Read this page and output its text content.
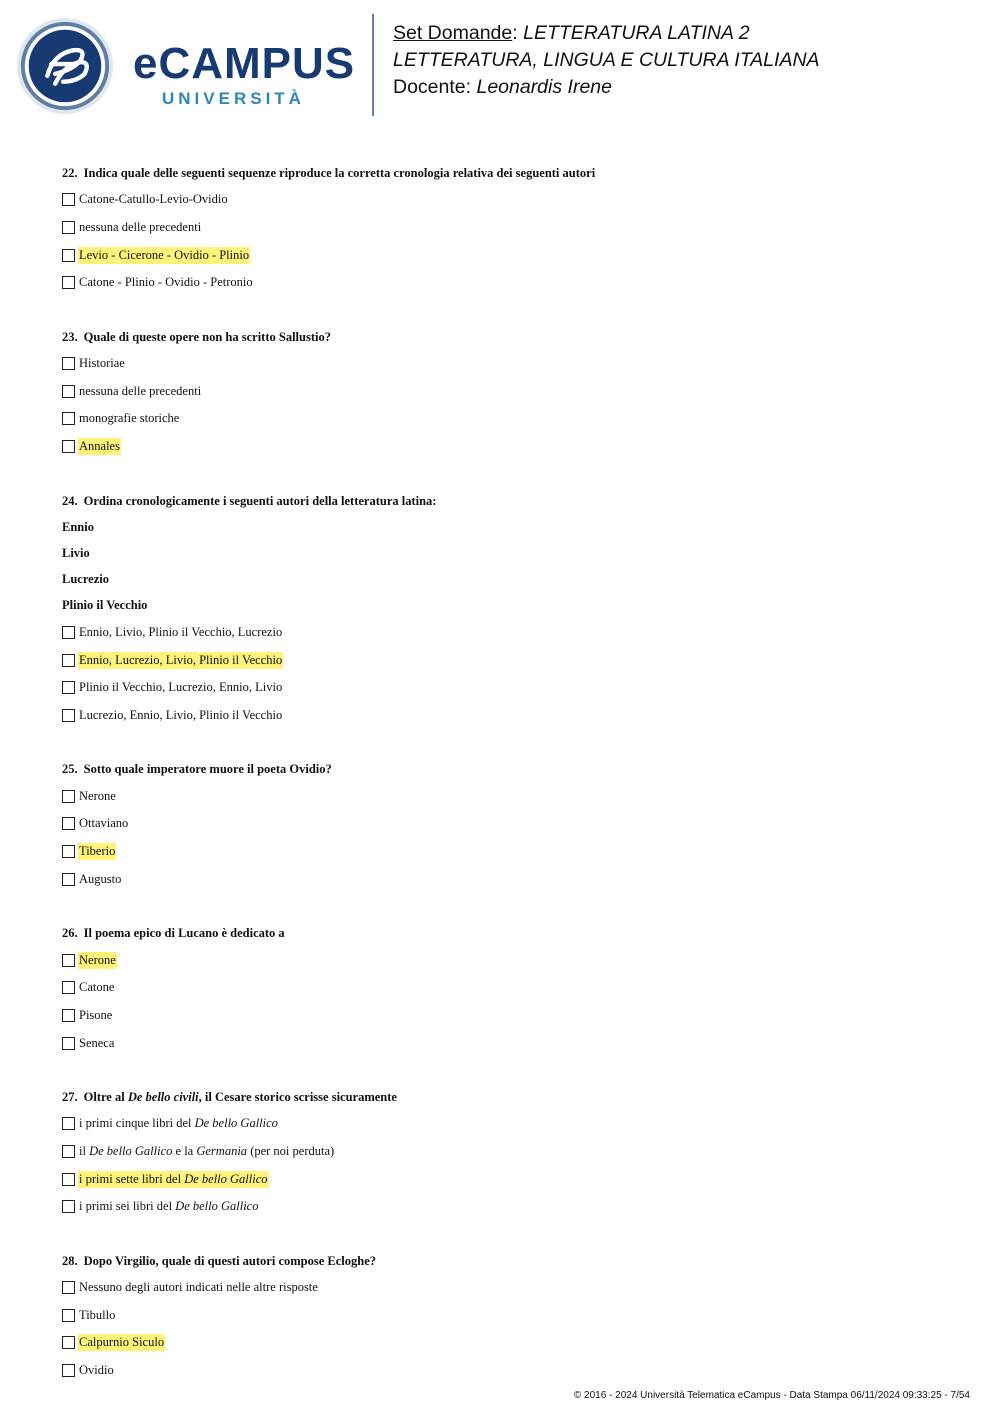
eCAMPUS
UNIVERSITÀ
Set Domande: LETTERATURA LATINA 2
LETTERATURA, LINGUA E CULTURA ITALIANA
Docente: Leonardis Irene
22. Indica quale delle seguenti sequenze riproduce la corretta cronologia relativa dei seguenti autori
Catone-Catullo-Levio-Ovidio
nessuna delle precedenti
Levio - Cicerone - Ovidio - Plinio
Catone - Plinio - Ovidio - Petronio
23. Quale di queste opere non ha scritto Sallustio?
Historiae
nessuna delle precedenti
monografie storiche
Annales
24. Ordina cronologicamente i seguenti autori della letteratura latina:
Ennio
Livio
Lucrezio
Plinio il Vecchio
Ennio, Livio, Plinio il Vecchio, Lucrezio
Ennio, Lucrezio, Livio, Plinio il Vecchio
Plinio il Vecchio, Lucrezio, Ennio, Livio
Lucrezio, Ennio, Livio, Plinio il Vecchio
25. Sotto quale imperatore muore il poeta Ovidio?
Nerone
Ottaviano
Tiberio
Augusto
26. Il poema epico di Lucano è dedicato a
Nerone
Catone
Pisone
Seneca
27. Oltre al De bello civili, il Cesare storico scrisse sicuramente
i primi cinque libri del De bello Gallico
il De bello Gallico e la Germania (per noi perduta)
i primi sette libri del De bello Gallico
i primi sei libri del De bello Gallico
28. Dopo Virgilio, quale di questi autori compose Ecloghe?
Nessuno degli autori indicati nelle altre risposte
Tibullo
Calpurnio Siculo
Ovidio
© 2016 - 2024 Università Telematica eCampus - Data Stampa 06/11/2024 09:33:25 - 7/54
